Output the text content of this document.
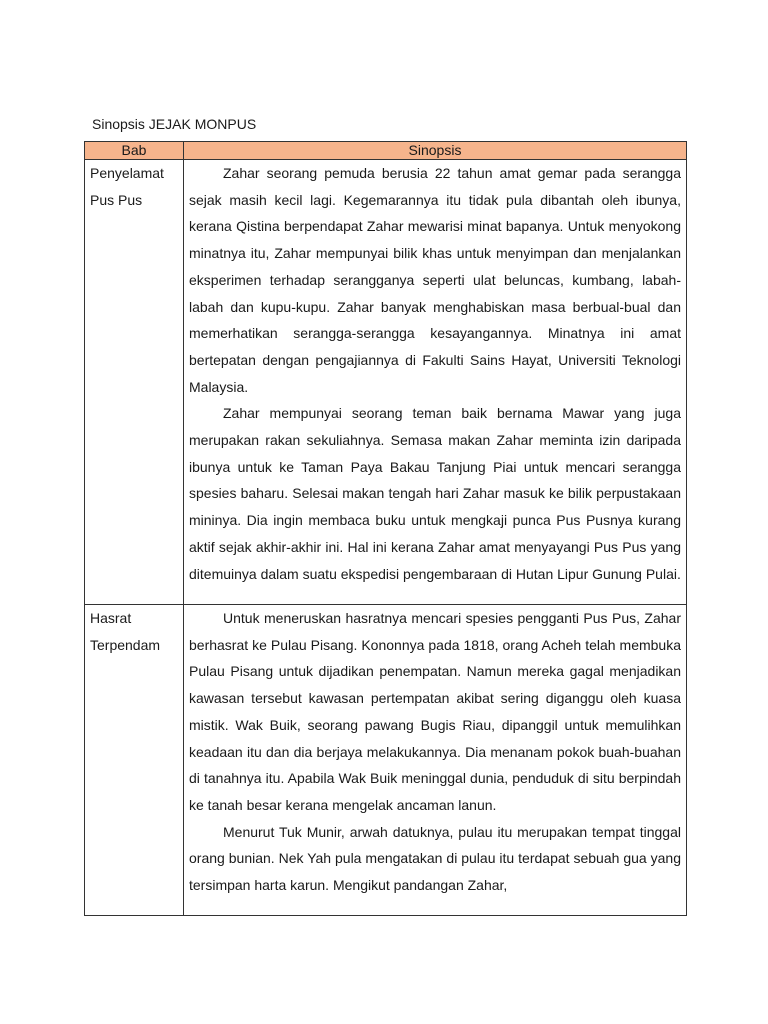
Sinopsis JEJAK MONPUS
Bab	Sinopsis
Penyelamat Pus Pus	Zahar seorang pemuda berusia 22 tahun amat gemar pada serangga sejak masih kecil lagi. Kegemarannya itu tidak pula dibantah oleh ibunya, kerana Qistina berpendapat Zahar mewarisi minat bapanya. Untuk menyokong minatnya itu, Zahar mempunyai bilik khas untuk menyimpan dan menjalankan eksperimen terhadap serangganya seperti ulat beluncas, kumbang, labah-labah dan kupu-kupu. Zahar banyak menghabiskan masa berbual-bual dan memerhatikan serangga-serangga kesayangannya. Minatnya ini amat bertepatan dengan pengajiannya di Fakulti Sains Hayat, Universiti Teknologi Malaysia.

Zahar mempunyai seorang teman baik bernama Mawar yang juga merupakan rakan sekuliahnya. Semasa makan Zahar meminta izin daripada ibunya untuk ke Taman Paya Bakau Tanjung Piai untuk mencari serangga spesies baharu. Selesai makan tengah hari Zahar masuk ke bilik perpustakaan mininya. Dia ingin membaca buku untuk mengkaji punca Pus Pusnya kurang aktif sejak akhir-akhir ini. Hal ini kerana Zahar amat menyayangi Pus Pus yang ditemuinya dalam suatu ekspedisi pengembaraan di Hutan Lipur Gunung Pulai.

Hasrat Terpendam	Untuk meneruskan hasratnya mencari spesies pengganti Pus Pus, Zahar berhasrat ke Pulau Pisang. Kononnya pada 1818, orang Acheh telah membuka Pulau Pisang untuk dijadikan penempatan. Namun mereka gagal menjadikan kawasan tersebut kawasan pertempatan akibat sering diganggu oleh kuasa mistik. Wak Buik, seorang pawang Bugis Riau, dipanggil untuk memulihkan keadaan itu dan dia berjaya melakukannya. Dia menanam pokok buah-buahan di tanahnya itu. Apabila Wak Buik meninggal dunia, penduduk di situ berpindah ke tanah besar kerana mengelak ancaman lanun.

Menurut Tuk Munir, arwah datuknya, pulau itu merupakan tempat tinggal orang bunian. Nek Yah pula mengatakan di pulau itu terdapat sebuah gua yang tersimpan harta karun. Mengikut pandangan Zahar,
